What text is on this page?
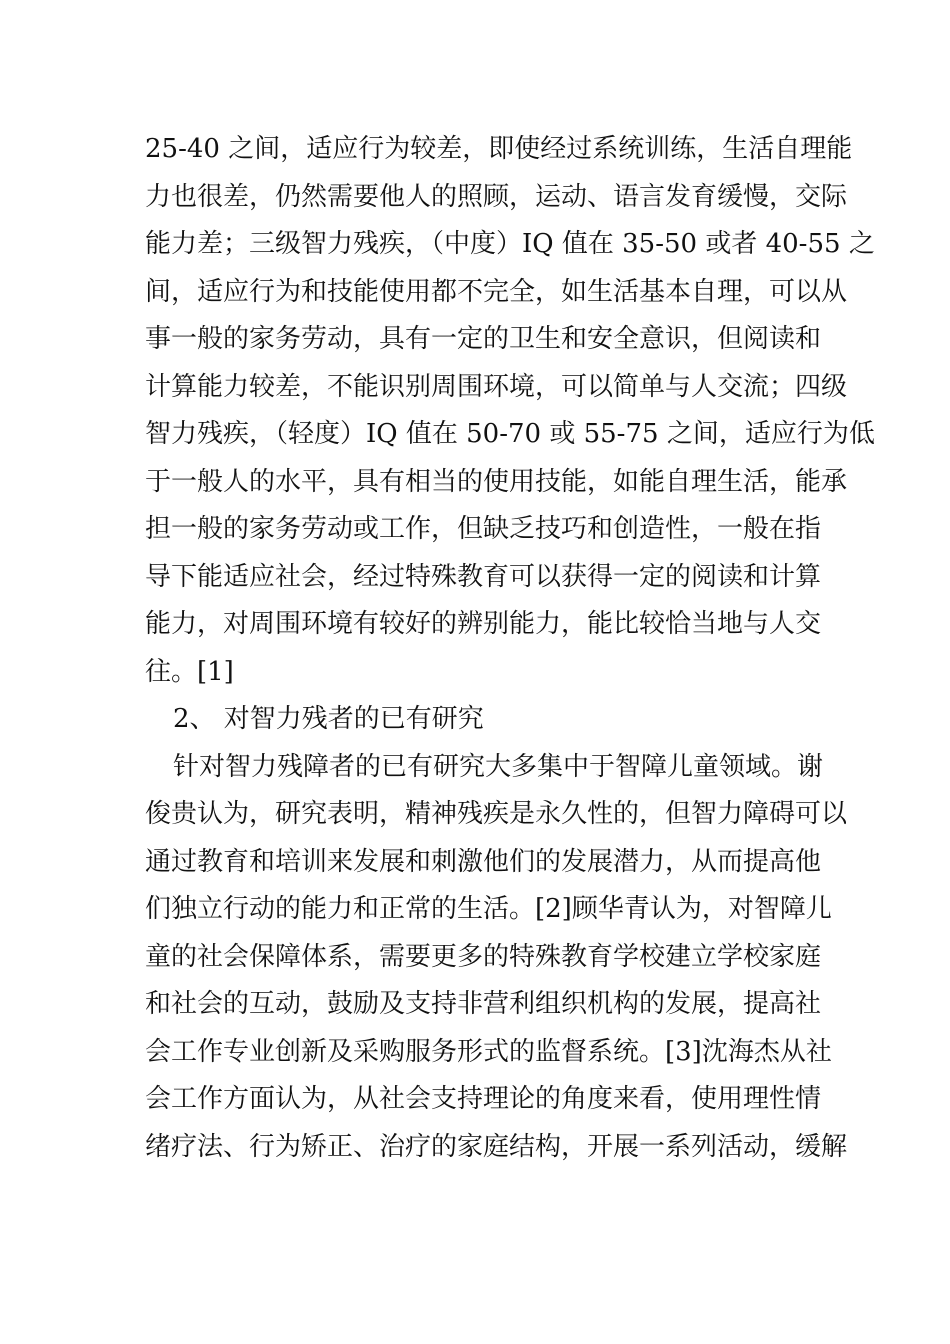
25-40 之间，适应行为较差，即使经过系统训练，生活自理能
力也很差，仍然需要他人的照顾，运动、语言发育缓慢，交际
能力差；三级智力残疾，（中度）IQ 值在 35-50 或者 40-55 之
间，适应行为和技能使用都不完全，如生活基本自理，可以从
事一般的家务劳动，具有一定的卫生和安全意识，但阅读和
计算能力较差，不能识别周围环境，可以简单与人交流；四级
智力残疾，（轻度）IQ 值在 50-70 或 55-75 之间，适应行为低
于一般人的水平，具有相当的使用技能，如能自理生活，能承
担一般的家务劳动或工作，但缺乏技巧和创造性，一般在指
导下能适应社会，经过特殊教育可以获得一定的阅读和计算
能力，对周围环境有较好的辨别能力，能比较恰当地与人交
往。[1]
2、 对智力残者的已有研究
针对智力残障者的已有研究大多集中于智障儿童领域。谢
俊贵认为，研究表明，精神残疾是永久性的，但智力障碍可以
通过教育和培训来发展和刺激他们的发展潜力，从而提高他
们独立行动的能力和正常的生活。[2]顾华青认为，对智障儿
童的社会保障体系，需要更多的特殊教育学校建立学校家庭
和社会的互动，鼓励及支持非营利组织机构的发展，提高社
会工作专业创新及采购服务形式的监督系统。[3]沈海杰从社
会工作方面认为，从社会支持理论的角度来看，使用理性情
绪疗法、行为矫正、治疗的家庭结构，开展一系列活动，缓解
